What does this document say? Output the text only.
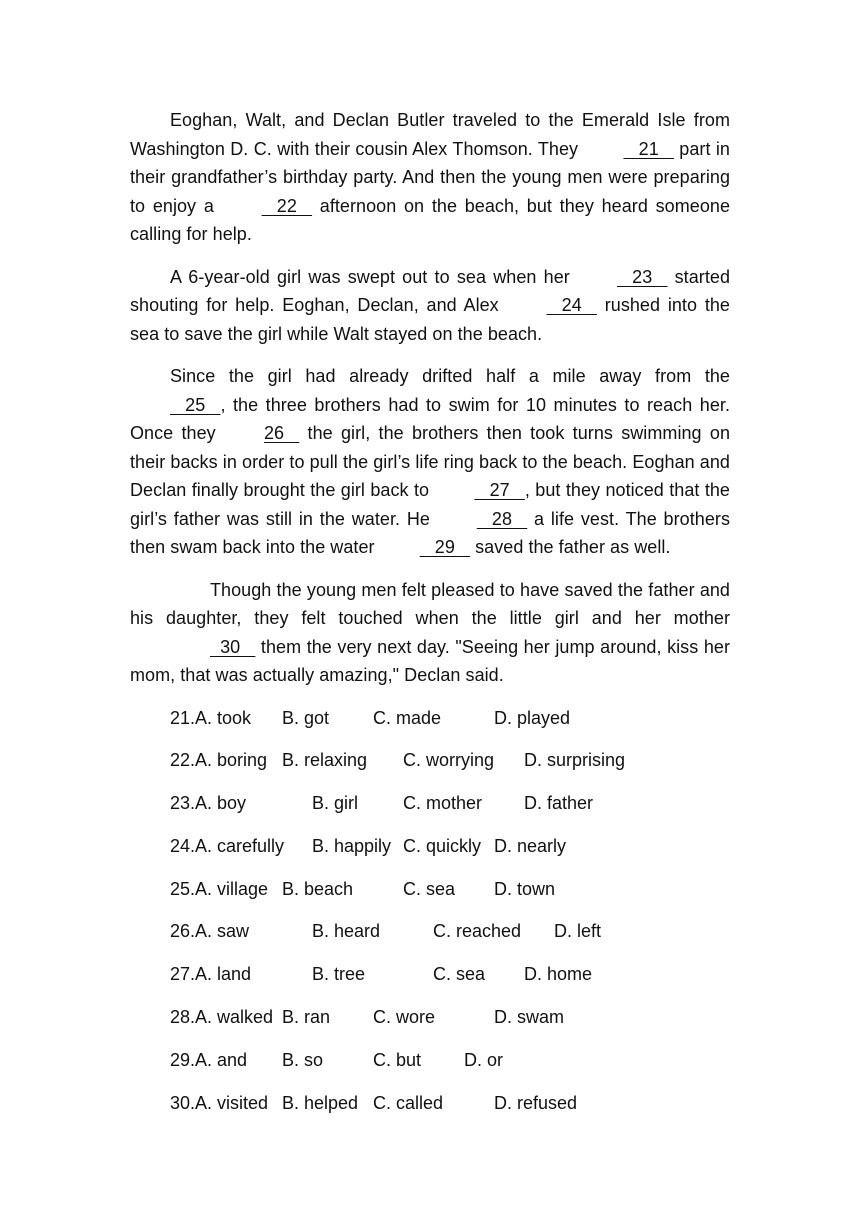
Eoghan, Walt, and Declan Butler traveled to the Emerald Isle from Washington D. C. with their cousin Alex Thomson. They    21    part in their grandfather’s birthday party. And then the young men were preparing to enjoy a    22    afternoon on the beach, but they heard someone calling for help.

A 6-year-old girl was swept out to sea when her    23    started shouting for help. Eoghan, Declan, and Alex    24    rushed into the sea to save the girl while Walt stayed on the beach.

Since the girl had already drifted half a mile away from the    25   , the three brothers had to swim for 10 minutes to reach her. Once they 26    the girl, the brothers then took turns swimming on their backs in order to pull the girl’s life ring back to the beach. Eoghan and Declan finally brought the girl back to    27   , but they noticed that the girl’s father was still in the water. He    28    a life vest. The brothers then swam back into the water    29    saved the father as well.

Though the young men felt pleased to have saved the father and his daughter, they felt touched when the little girl and her mother   30    them the very next day. "Seeing her jump around, kiss her mom, that was actually amazing," Declan said.

21.A. took B. got C. made	D. played
22.A. boring B. relaxing C. worrying D. surprising
23.A. boy	B. girl C. mother D. father
24.A. carefully B. happily C. quickly D. nearly
25.A. village B. beach	C. sea D. town
26.A. saw	B. heard	C. reached D. left
27.A. land	B. tree	C. sea D. home
28.A. walked B. ran C. wore	D. swam
29.A. and B. so	C. but D. or
30.A. visited B. helped C. called	D. refused
